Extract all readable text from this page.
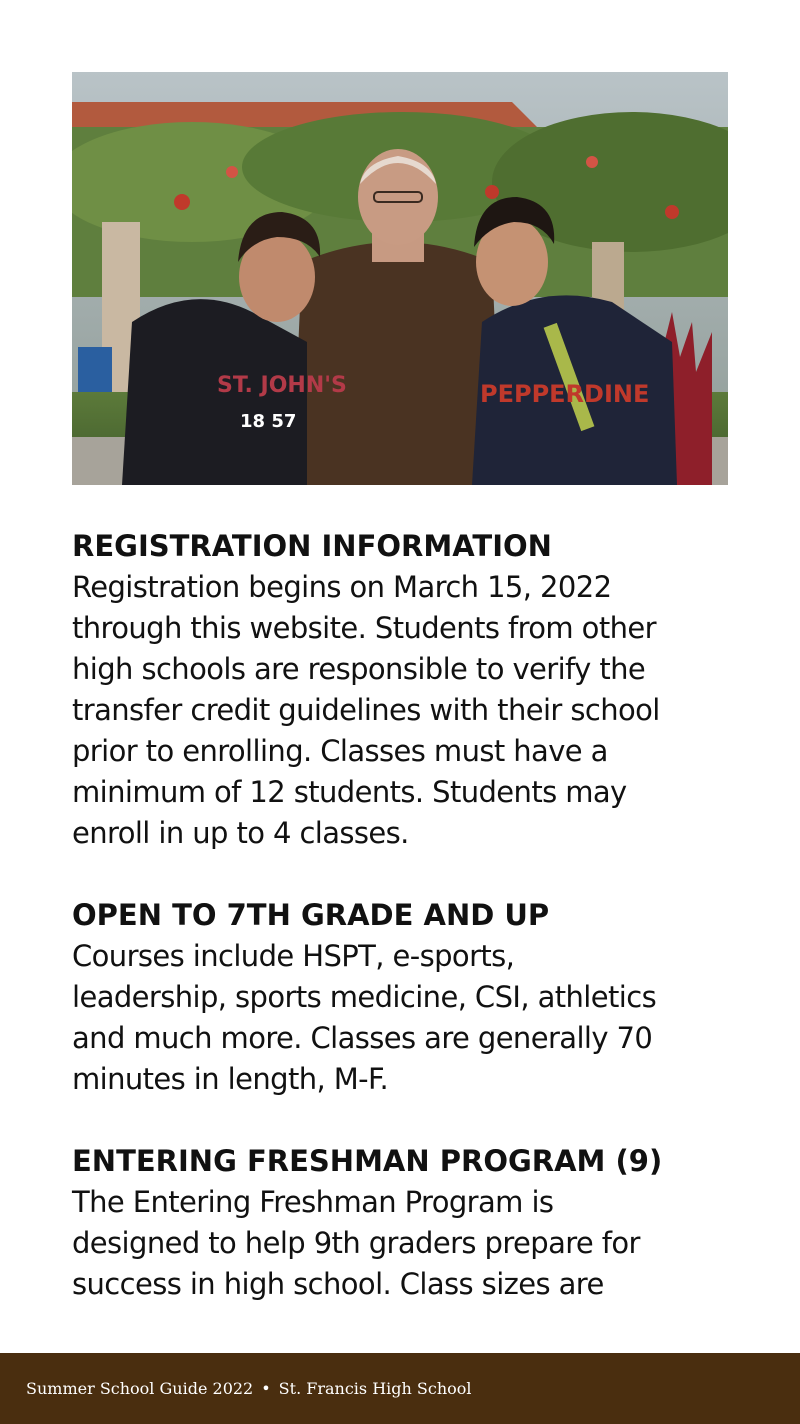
ST. JOHN'S
18 57
PEPPERDINE

REGISTRATION INFORMATION

Registration begins on March 15, 2022
through this website. Students from other
high schools are responsible to verify the
transfer credit guidelines with their school
prior to enrolling. Classes must have a
minimum of 12 students. Students may
enroll in up to 4 classes.

OPEN TO 7TH GRADE AND UP

Courses include HSPT, e-sports,
leadership, sports medicine, CSI, athletics
and much more. Classes are generally 70
minutes in length, M-F.

ENTERING FRESHMAN PROGRAM (9)

The Entering Freshman Program is
designed to help 9th graders prepare for
success in high school. Class sizes are

Summer School Guide 2022 • St. Francis High School
